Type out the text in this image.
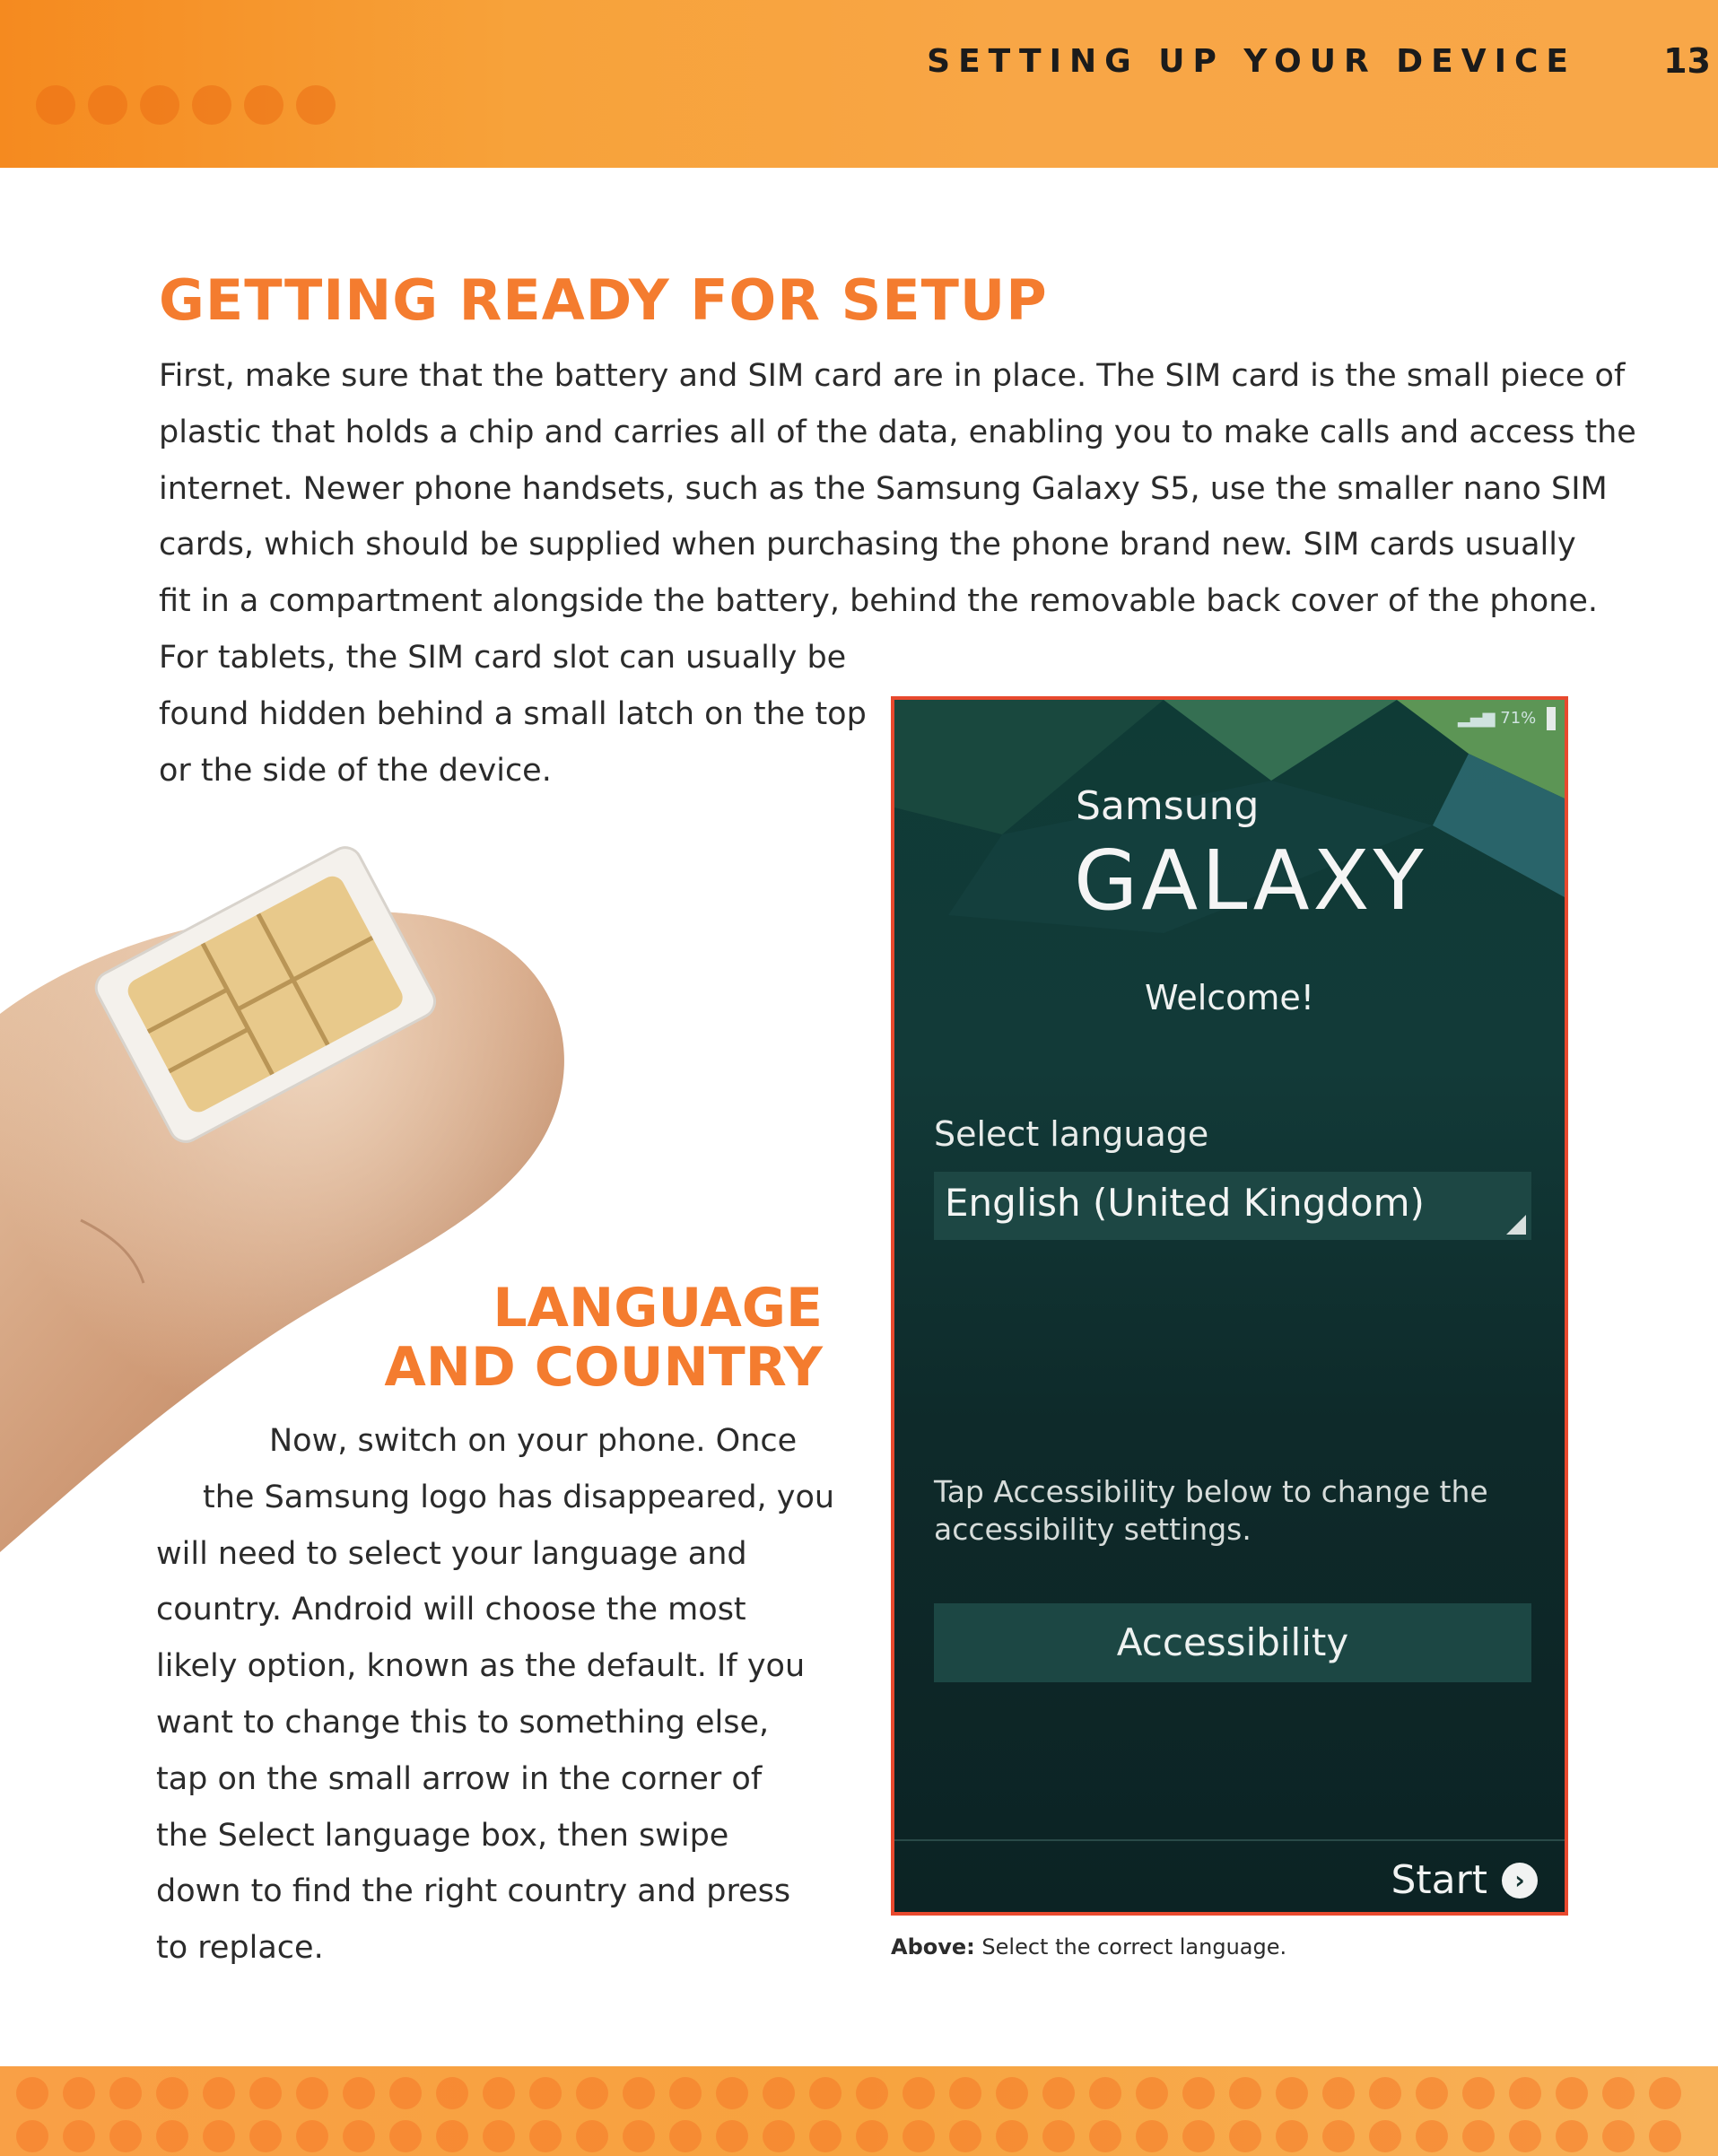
SETTING UP YOUR DEVICE	13
GETTING READY FOR SETUP

First, make sure that the battery and SIM card are in place. The SIM card is the small piece of
plastic that holds a chip and carries all of the data, enabling you to make calls and access the
internet. Newer phone handsets, such as the Samsung Galaxy S5, use the smaller nano SIM
cards, which should be supplied when purchasing the phone brand new. SIM cards usually
fit in a compartment alongside the battery, behind the removable back cover of the phone.
For tablets, the SIM card slot can usually be
found hidden behind a small latch on the top
or the side of the device.

LANGUAGE
AND COUNTRY

Now, switch on your phone. Once
the Samsung logo has disappeared, you
will need to select your language and
country. Android will choose the most
likely option, known as the default. If you
want to change this to something else,
tap on the small arrow in the corner of
the Select language box, then swipe
down to find the right country and press
to replace.

▂▄▆ 71%
Samsung
GALAXY
Welcome!
Select language
English (United Kingdom)
Tap Accessibility below to change the accessibility settings.
Accessibility
Start	›

Above: Select the correct language.
